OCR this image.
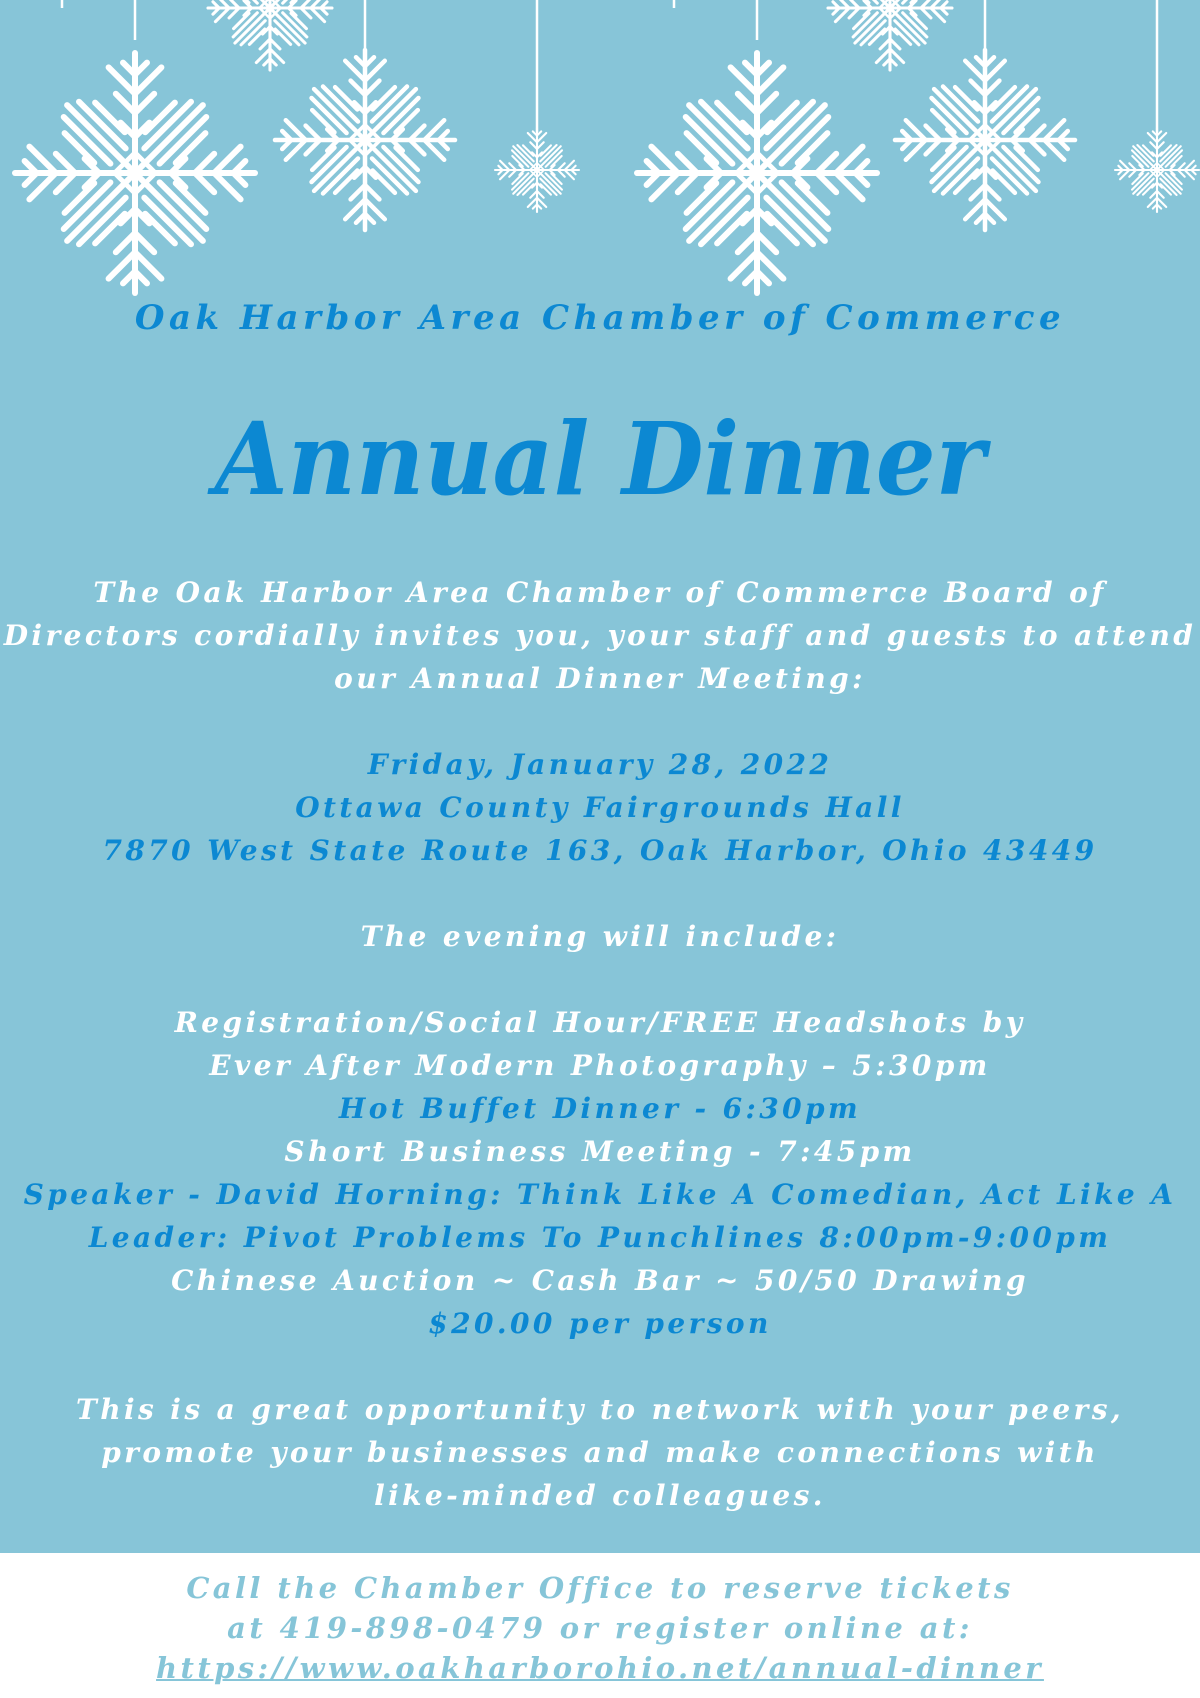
Oak Harbor Area Chamber of Commerce
Annual Dinner
The Oak Harbor Area Chamber of Commerce Board of
Directors cordially invites you, your staff and guests to attend
our Annual Dinner Meeting:
Friday, January 28, 2022
Ottawa County Fairgrounds Hall
7870 West State Route 163, Oak Harbor, Ohio 43449
The evening will include:
Registration/Social Hour/FREE Headshots by
Ever After Modern Photography – 5:30pm
Hot Buffet Dinner - 6:30pm
Short Business Meeting - 7:45pm
Speaker - David Horning: Think Like A Comedian, Act Like A
Leader: Pivot Problems To Punchlines 8:00pm-9:00pm
Chinese Auction ~ Cash Bar ~ 50/50 Drawing
$20.00 per person
This is a great opportunity to network with your peers,
promote your businesses and make connections with
like-minded colleagues.
Call the Chamber Office to reserve tickets
at 419-898-0479 or register online at:
https://www.oakharborohio.net/annual-dinner
